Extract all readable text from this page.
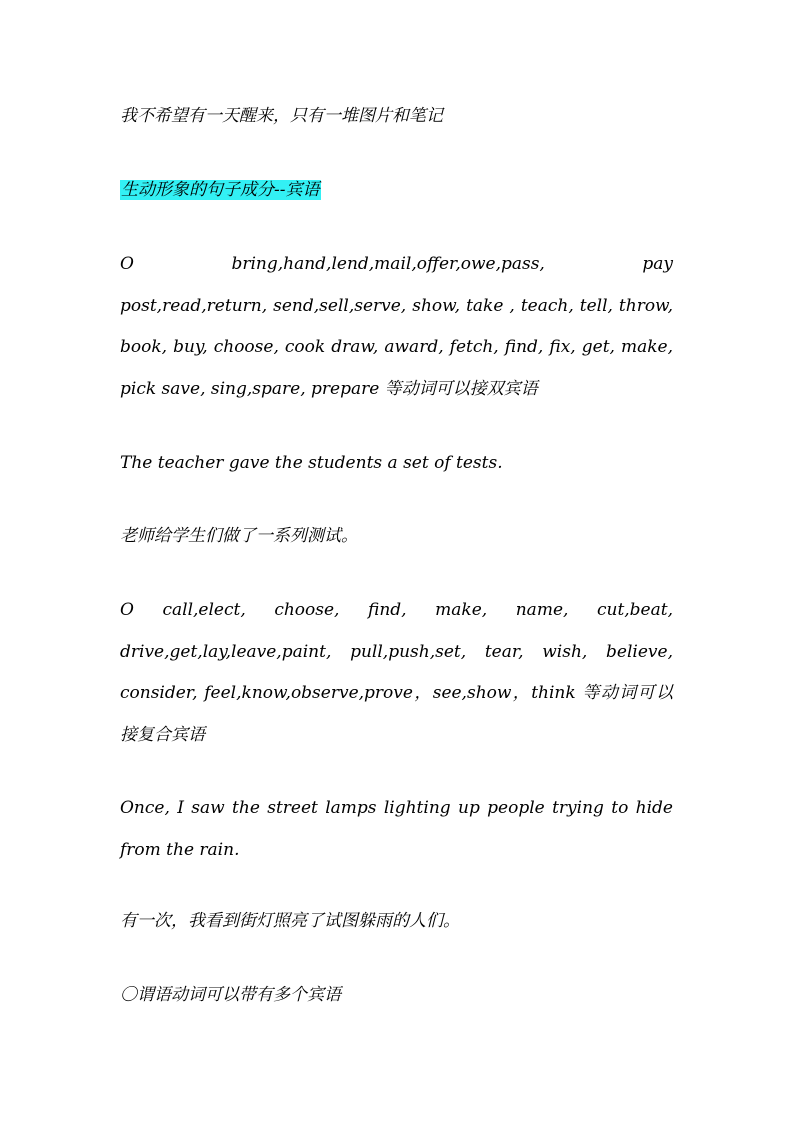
我不希望有一天醒来，只有一堆图片和笔记

生动形象的句子成分--宾语

O	bring,hand,lend,mail,offer,owe,pass,	pay
post,read,return, send,sell,serve, show, take , teach, tell, throw, book, buy, choose, cook draw, award, fetch, find, fix, get, make, pick save, sing,spare, prepare 等动词可以接双宾语

The teacher gave the students a set of tests.

老师给学生们做了一系列测试。

O call,elect, choose, find, make, name, cut,beat, drive,get,lay,leave,paint, pull,push,set, tear, wish, believe, consider, feel,know,observe,prove，see,show，think 等动词可以接复合宾语

Once, I saw the street lamps lighting up people trying to hide from the rain.

有一次，我看到街灯照亮了试图躲雨的人们。

〇谓语动词可以带有多个宾语
